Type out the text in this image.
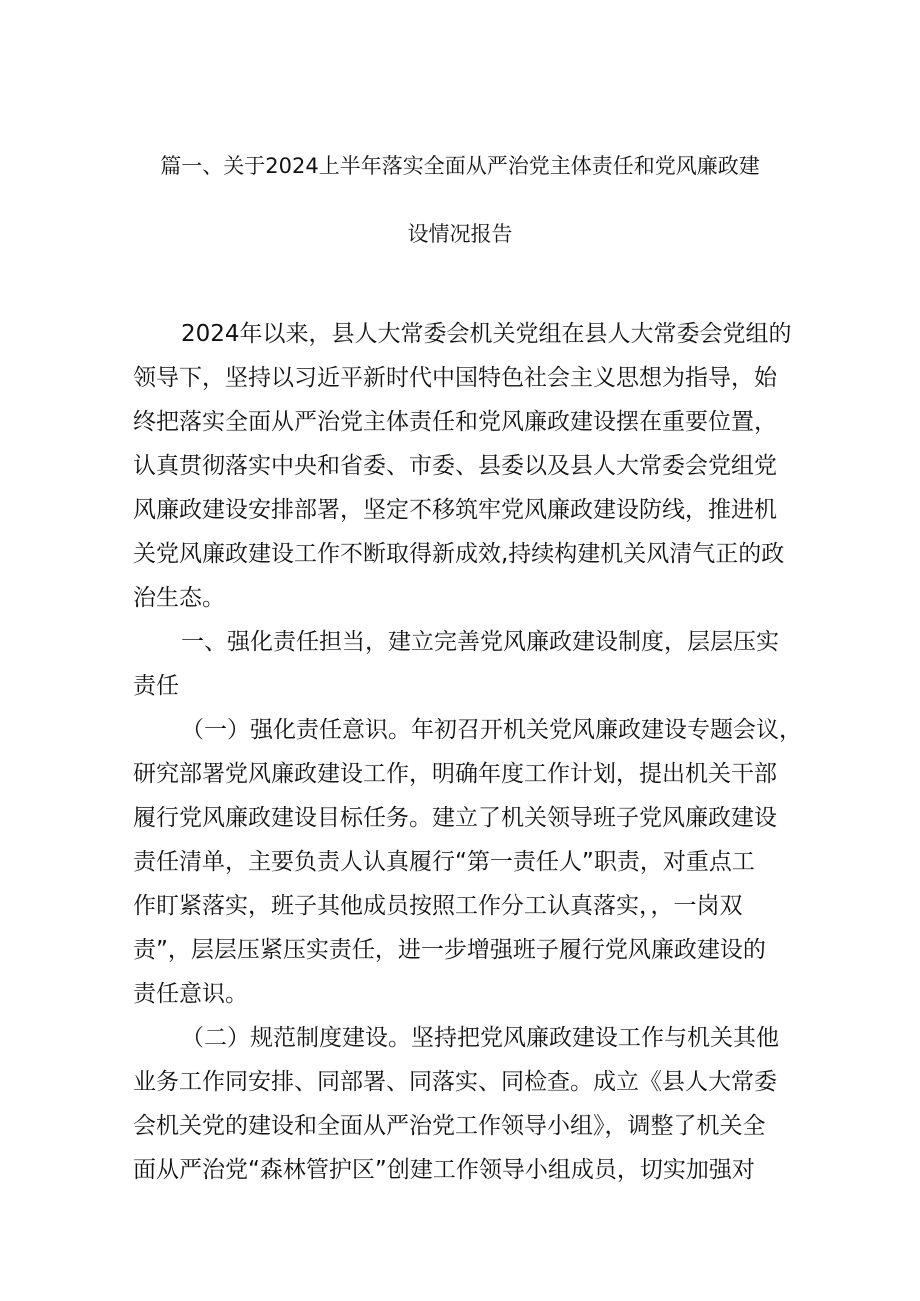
篇一、关于2024上半年落实全面从严治党主体责任和党风廉政建
设情况报告
2024年以来，县人大常委会机关党组在县人大常委会党组的
领导下，坚持以习近平新时代中国特色社会主义思想为指导，始
终把落实全面从严治党主体责任和党风廉政建设摆在重要位置，
认真贯彻落实中央和省委、市委、县委以及县人大常委会党组党
风廉政建设安排部署，坚定不移筑牢党风廉政建设防线，推进机
关党风廉政建设工作不断取得新成效,持续构建机关风清气正的政
治生态。
一、强化责任担当，建立完善党风廉政建设制度，层层压实
责任
（一）强化责任意识。年初召开机关党风廉政建设专题会议，
研究部署党风廉政建设工作，明确年度工作计划，提出机关干部
履行党风廉政建设目标任务。建立了机关领导班子党风廉政建设
责任清单，主要负责人认真履行“第一责任人”职责，对重点工
作盯紧落实，班子其他成员按照工作分工认真落实，，一岗双
责”，层层压紧压实责任，进一步增强班子履行党风廉政建设的
责任意识。
（二）规范制度建设。坚持把党风廉政建设工作与机关其他
业务工作同安排、同部署、同落实、同检查。成立《县人大常委
会机关党的建设和全面从严治党工作领导小组》，调整了机关全
面从严治党“森林管护区”创建工作领导小组成员，切实加强对
